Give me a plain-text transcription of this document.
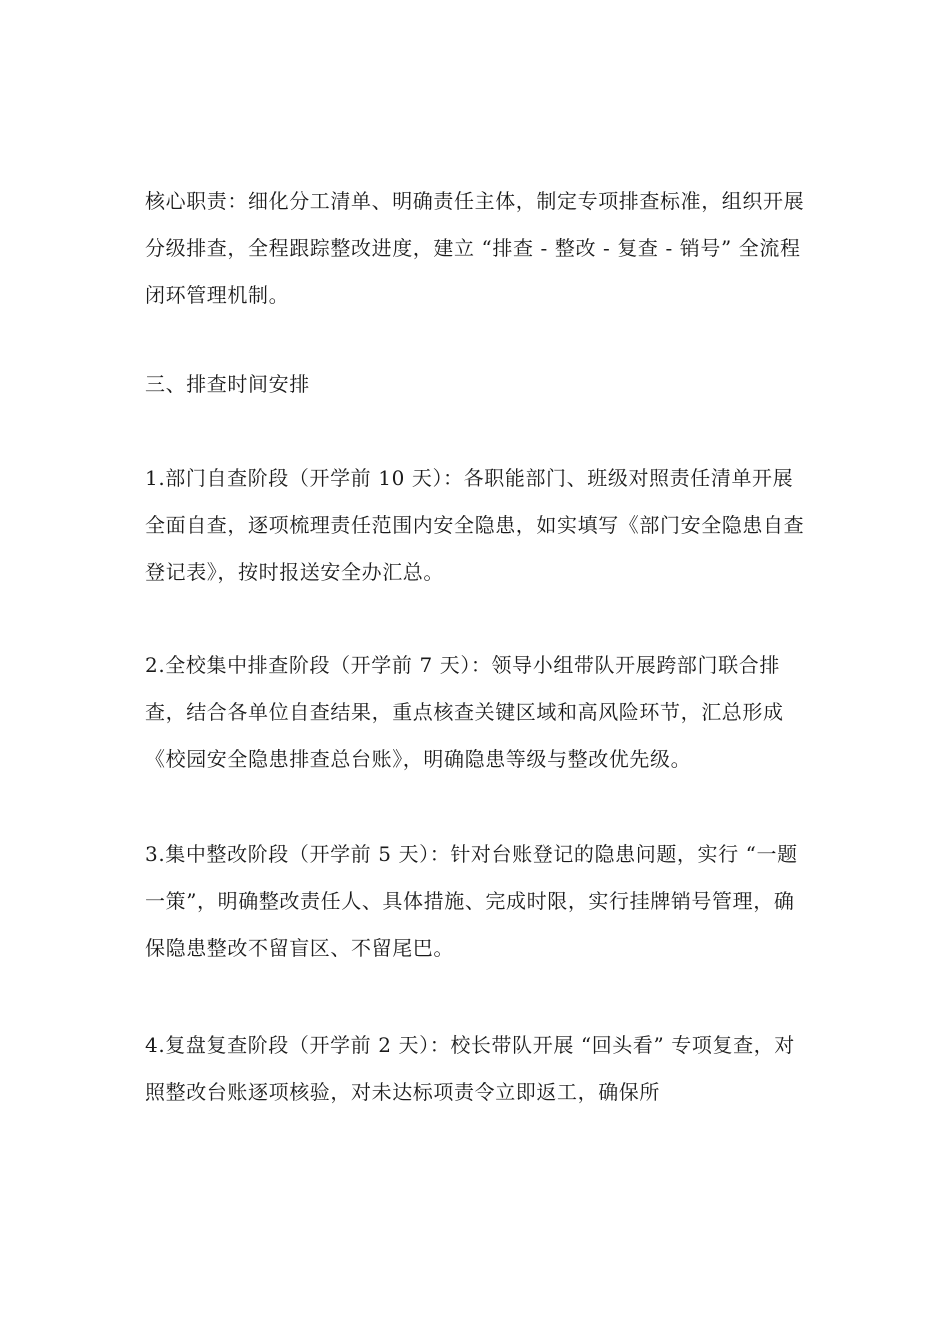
核心职责：细化分工清单、明确责任主体，制定专项排查标准，组织开展分级排查，全程跟踪整改进度，建立 “排查 - 整改 - 复查 - 销号” 全流程闭环管理机制。

三、排查时间安排

1.部门自查阶段（开学前 10 天）：各职能部门、班级对照责任清单开展全面自查，逐项梳理责任范围内安全隐患，如实填写《部门安全隐患自查登记表》，按时报送安全办汇总。

2.全校集中排查阶段（开学前 7 天）：领导小组带队开展跨部门联合排查，结合各单位自查结果，重点核查关键区域和高风险环节，汇总形成《校园安全隐患排查总台账》，明确隐患等级与整改优先级。

3.集中整改阶段（开学前 5 天）：针对台账登记的隐患问题，实行 “一题一策”，明确整改责任人、具体措施、完成时限，实行挂牌销号管理，确保隐患整改不留盲区、不留尾巴。

4.复盘复查阶段（开学前 2 天）：校长带队开展 “回头看” 专项复查，对照整改台账逐项核验，对未达标项责令立即返工，确保所
